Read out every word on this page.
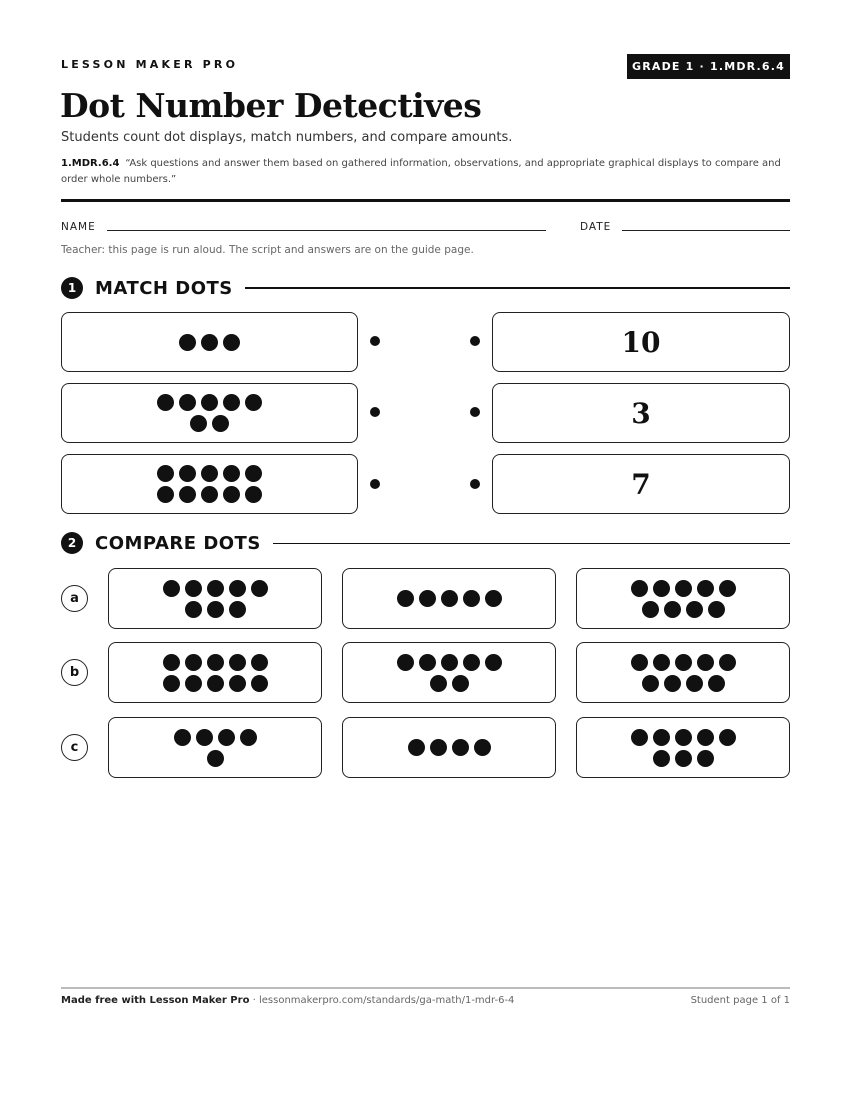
LESSON MAKER PRO	GRADE 1 · 1.MDR.6.4
Dot Number Detectives
Students count dot displays, match numbers, and compare amounts.
1.MDR.6.4 “Ask questions and answer them based on gathered information, observations, and appropriate graphical displays to compare and order whole numbers.”
NAME	DATE
Teacher: this page is run aloud. The script and answers are on the guide page.
1	MATCH DOTS
10
3
7
2	COMPARE DOTS
a
b
c
Made free with Lesson Maker Pro · lessonmakerpro.com/standards/ga-math/1-mdr-6-4	Student page 1 of 1
